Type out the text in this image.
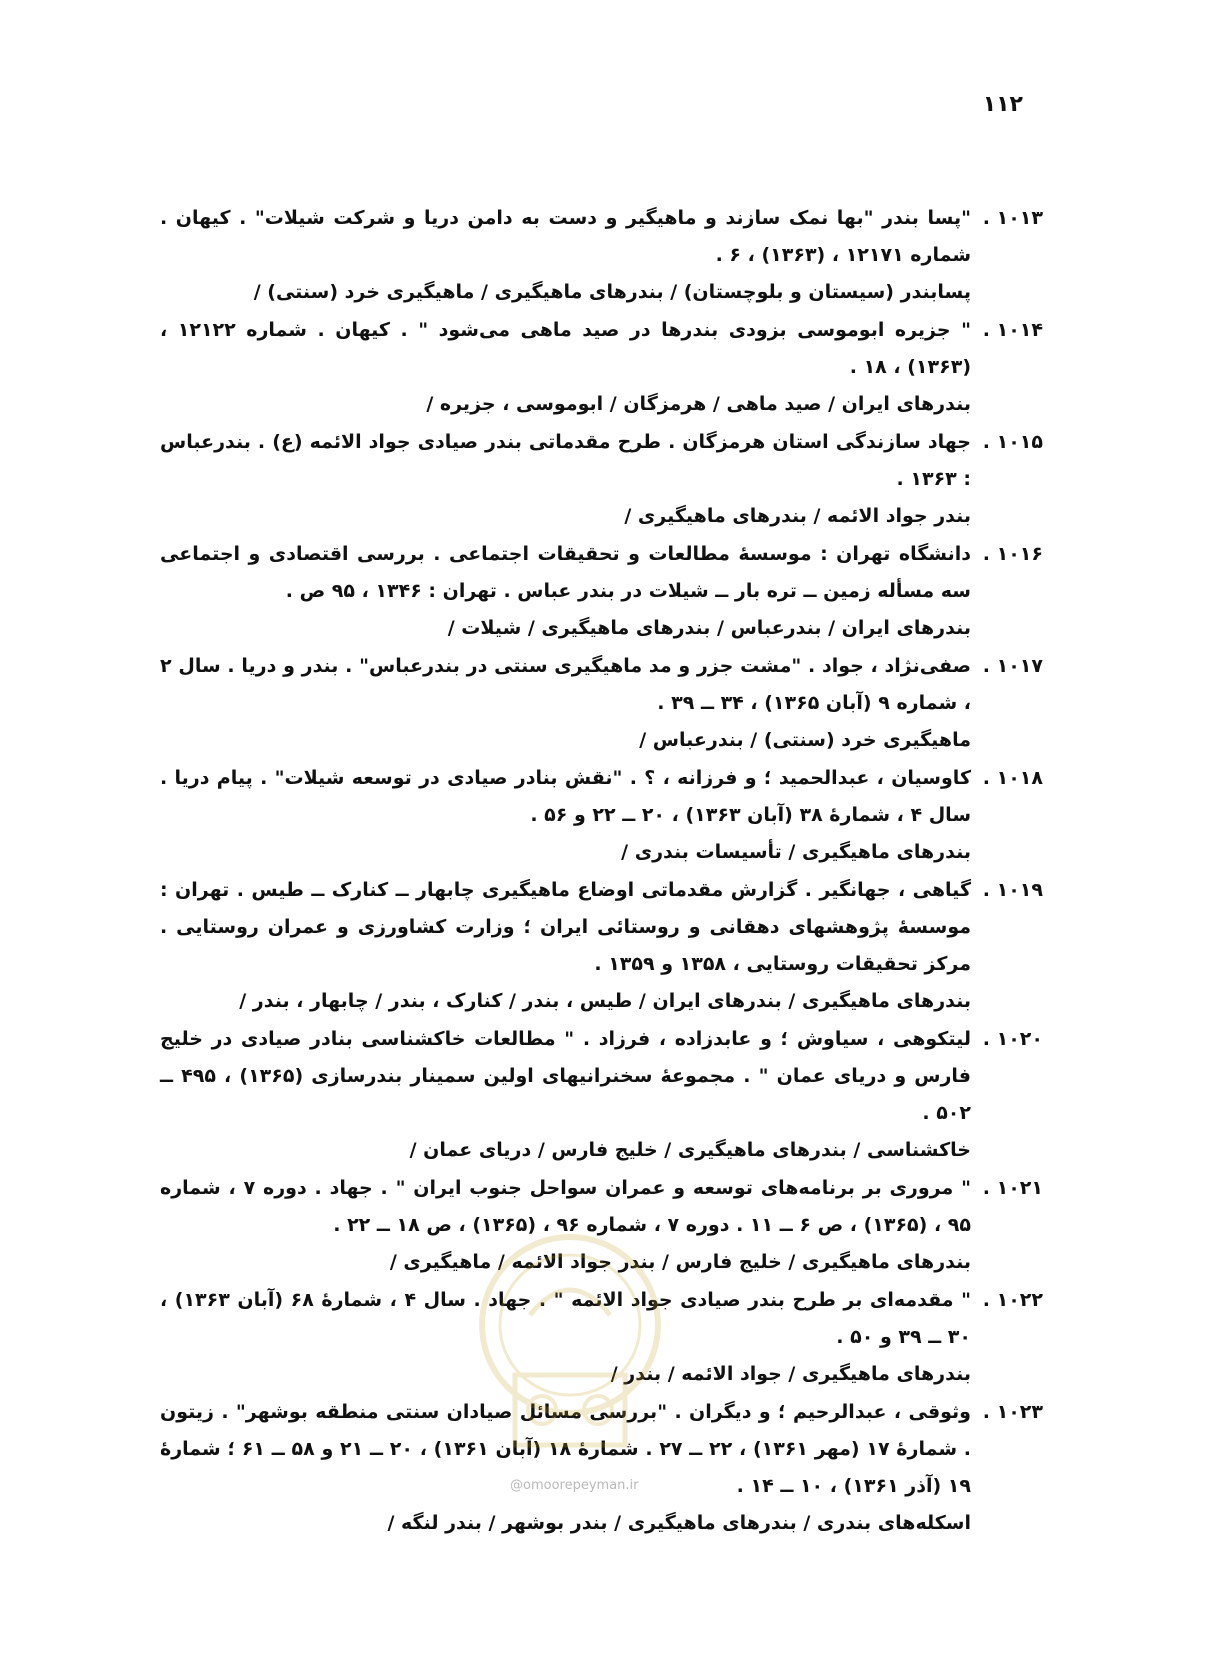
۱۱۲
۱۰۱۳ .
"پسا بندر "بها نمک سازند و ماهیگیر و دست به دامن دریا و شرکت شیلات" . کیهان . شماره ۱۲۱۷۱ ، (۱۳۶۳) ، ۶ .
پسابندر (سیستان و بلوچستان) / بندرهای ماهیگیری / ماهیگیری خرد (سنتی) /
۱۰۱۴ .
" جزیره ابوموسی بزودی بندرها در صید ماهی می‌شود " . کیهان . شماره ۱۲۱۲۲ ، (۱۳۶۳) ، ۱۸ .
بندرهای ایران / صید ماهی / هرمزگان / ابوموسی ، جزیره /
۱۰۱۵ .
جهاد سازندگی استان هرمزگان . طرح مقدماتی بندر صیادی جواد الائمه (ع) . بندرعباس : ۱۳۶۳ .
بندر جواد الائمه / بندرهای ماهیگیری /
۱۰۱۶ .
دانشگاه تهران : موسسهٔ مطالعات و تحقیقات اجتماعی . بررسی اقتصادی و اجتماعی سه مسأله زمین ــ تره بار ــ شیلات در بندر عباس . تهران : ۱۳۴۶ ، ۹۵ ص .
بندرهای ایران / بندرعباس / بندرهای ماهیگیری / شیلات /
۱۰۱۷ .
صفی‌نژاد ، جواد . "مشت جزر و مد ماهیگیری سنتی در بندرعباس" . بندر و دریا . سال ۲ ، شماره ۹ (آبان ۱۳۶۵) ، ۳۴ ــ ۳۹ .
ماهیگیری خرد (سنتی) / بندرعباس /
۱۰۱۸ .
کاوسیان ، عبدالحمید ؛ و فرزانه ، ؟ . "نقش بنادر صیادی در توسعه شیلات" . پیام دریا . سال ۴ ، شمارهٔ ۳۸ (آبان ۱۳۶۳) ، ۲۰ ــ ۲۲ و ۵۶ .
بندرهای ماهیگیری / تأسیسات بندری /
۱۰۱۹ .
گیاهی ، جهانگیر . گزارش مقدماتی اوضاع ماهیگیری چابهار ــ کنارک ــ طیس . تهران : موسسهٔ پژوهشهای دهقانی و روستائی ایران ؛ وزارت کشاورزی و عمران روستایی . مرکز تحقیقات روستایی ، ۱۳۵۸ و ۱۳۵۹ .
بندرهای ماهیگیری / بندرهای ایران / طیس ، بندر / کنارک ، بندر / چابهار ، بندر /
۱۰۲۰ .
لیتکوهی ، سیاوش ؛ و عابدزاده ، فرزاد . " مطالعات خاکشناسی بنادر صیادی در خلیج فارس و دریای عمان " . مجموعهٔ سخنرانیهای اولین سمینار بندرسازی (۱۳۶۵) ، ۴۹۵ ــ ۵۰۲ .
خاکشناسی / بندرهای ماهیگیری / خلیج فارس / دریای عمان /
۱۰۲۱ .
" مروری بر برنامه‌های توسعه و عمران سواحل جنوب ایران " . جهاد . دوره ۷ ، شماره ۹۵ ، (۱۳۶۵) ، ص ۶ ــ ۱۱ . دوره ۷ ، شماره ۹۶ ، (۱۳۶۵) ، ص ۱۸ ــ ۲۲ .
بندرهای ماهیگیری / خلیج فارس / بندر جواد الائمه / ماهیگیری /
۱۰۲۲ .
" مقدمه‌ای بر طرح بندر صیادی جواد الائمه " . جهاد . سال ۴ ، شمارهٔ ۶۸ (آبان ۱۳۶۳) ، ۳۰ ــ ۳۹ و ۵۰ .
بندرهای ماهیگیری / جواد الائمه / بندر /
۱۰۲۳ .
وثوقی ، عبدالرحیم ؛ و دیگران . "بررسی مسائل صیادان سنتی منطقه بوشهر" . زیتون . شمارهٔ ۱۷ (مهر ۱۳۶۱) ، ۲۲ ــ ۲۷ . شمارهٔ ۱۸ (آبان ۱۳۶۱) ، ۲۰ ــ ۲۱ و ۵۸ ــ ۶۱ ؛ شمارهٔ ۱۹ (آذر ۱۳۶۱) ، ۱۰ ــ ۱۴ .
اسکله‌های بندری / بندرهای ماهیگیری / بندر بوشهر / بندر لنگه /
@omoorepeyman.ir
